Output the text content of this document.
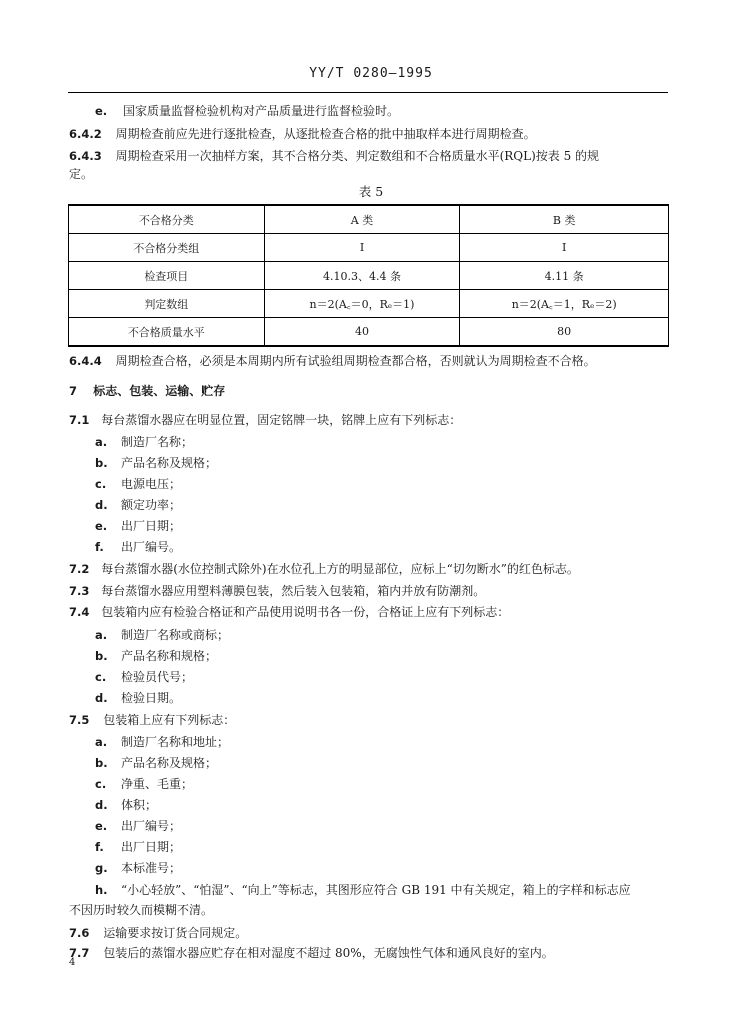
YY/T 0280—1995
e. 国家质量监督检验机构对产品质量进行监督检验时。
6.4.2 周期检查前应先进行逐批检查，从逐批检查合格的批中抽取样本进行周期检查。
6.4.3 周期检查采用一次抽样方案，其不合格分类、判定数组和不合格质量水平(RQL)按表 5 的规
定。
表 5
不合格分类	A 类	B 类
不合格分类组	Ⅰ	Ⅰ
检查项目	4.10.3、4.4 条	4.11 条
判定数组	n＝2(A꜀＝0，Rₑ＝1)	n＝2(A꜀＝1，Rₑ＝2)
不合格质量水平	40	80
6.4.4 周期检查合格，必须是本周期内所有试验组周期检查都合格，否则就认为周期检查不合格。
7 标志、包装、运输、贮存
7.1 每台蒸馏水器应在明显位置，固定铭牌一块，铭牌上应有下列标志：
a. 制造厂名称；
b. 产品名称及规格；
c. 电源电压；
d. 额定功率；
e. 出厂日期；
f. 出厂编号。
7.2 每台蒸馏水器(水位控制式除外)在水位孔上方的明显部位，应标上“切勿断水”的红色标志。
7.3 每台蒸馏水器应用塑料薄膜包装，然后装入包装箱，箱内并放有防潮剂。
7.4 包装箱内应有检验合格证和产品使用说明书各一份，合格证上应有下列标志：
a. 制造厂名称或商标；
b. 产品名称和规格；
c. 检验员代号；
d. 检验日期。
7.5 包装箱上应有下列标志：
a. 制造厂名称和地址；
b. 产品名称及规格；
c. 净重、毛重；
d. 体积；
e. 出厂编号；
f. 出厂日期；
g. 本标准号；
h. “小心轻放”、“怕湿”、“向上”等标志，其图形应符合 GB 191 中有关规定，箱上的字样和标志应
不因历时较久而模糊不清。
7.6 运输要求按订货合同规定。
7.7 包装后的蒸馏水器应贮存在相对湿度不超过 80%，无腐蚀性气体和通风良好的室内。
4
